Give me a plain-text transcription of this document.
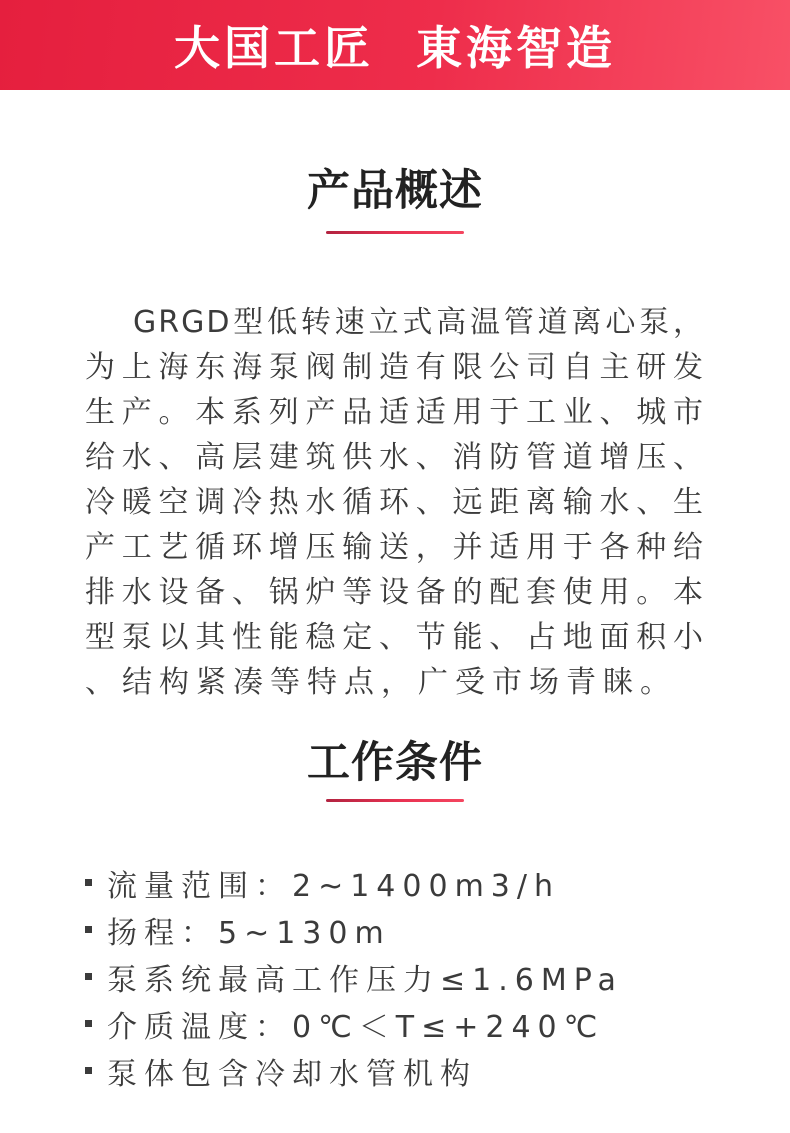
大国工匠 東海智造
产品概述
GRGD型低转速立式高温管道离心泵，
为上海东海泵阀制造有限公司自主研发
生产。本系列产品适适用于工业、城市
给水、高层建筑供水、消防管道增压、
冷暖空调冷热水循环、远距离输水、生
产工艺循环增压输送，并适用于各种给
排水设备、锅炉等设备的配套使用。本
型泵以其性能稳定、节能、占地面积小
、结构紧凑等特点，广受市场青睐。
工作条件
流量范围：2~1400m3/h
扬程：5~130m
泵系统最高工作压力≤1.6MPa
介质温度：0℃＜T≤+240℃
泵体包含冷却水管机构
